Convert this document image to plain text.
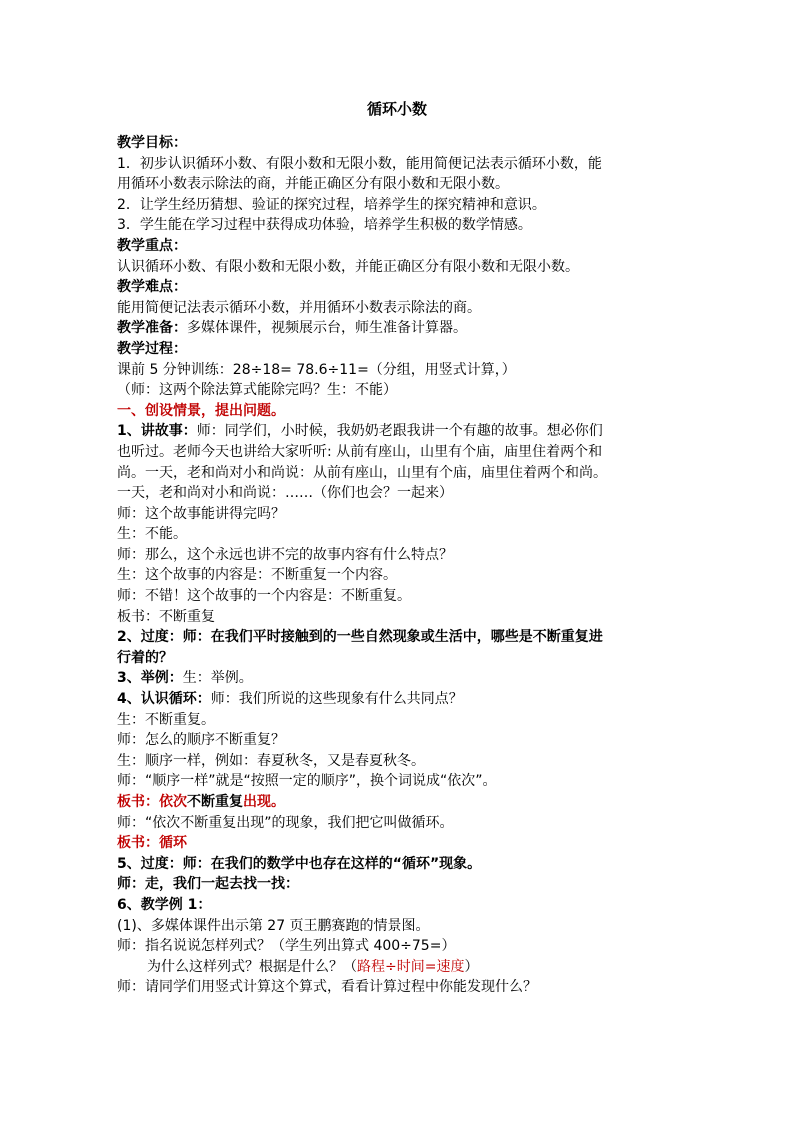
循环小数
教学目标：
1．初步认识循环小数、有限小数和无限小数，能用简便记法表示循环小数，能
用循环小数表示除法的商，并能正确区分有限小数和无限小数。
2．让学生经历猜想、验证的探究过程，培养学生的探究精神和意识。
3．学生能在学习过程中获得成功体验，培养学生积极的数学情感。
教学重点：
认识循环小数、有限小数和无限小数，并能正确区分有限小数和无限小数。
教学难点：
能用简便记法表示循环小数，并用循环小数表示除法的商。
教学准备：多媒体课件，视频展示台，师生准备计算器。
教学过程：
课前 5 分钟训练：28÷18= 78.6÷11=（分组，用竖式计算，）
（师：这两个除法算式能除完吗？生：不能）
一、创设情景，提出问题。
1、讲故事：师：同学们，小时候，我奶奶老跟我讲一个有趣的故事。想必你们
也听过。老师今天也讲给大家听听: 从前有座山，山里有个庙，庙里住着两个和
尚。一天，老和尚对小和尚说：从前有座山，山里有个庙，庙里住着两个和尚。
一天，老和尚对小和尚说：……（你们也会？一起来）
师：这个故事能讲得完吗？
生：不能。
师：那么，这个永远也讲不完的故事内容有什么特点？
生：这个故事的内容是：不断重复一个内容。
师：不错！这个故事的一个内容是：不断重复。
板书：不断重复
2、过度：师：在我们平时接触到的一些自然现象或生活中，哪些是不断重复进
行着的？
3、举例：生：举例。
4、认识循环：师：我们所说的这些现象有什么共同点？
生：不断重复。
师：怎么的顺序不断重复？
生：顺序一样，例如：春夏秋冬，又是春夏秋冬。
师：“顺序一样”就是“按照一定的顺序”，换个词说成“依次”。
板书：依次不断重复出现。
师：“依次不断重复出现”的现象，我们把它叫做循环。
板书：循环
5、过度：师：在我们的数学中也存在这样的“循环”现象。
师：走，我们一起去找一找：
6、教学例 1：
(1)、多媒体课件出示第 27 页王鹏赛跑的情景图。
师：指名说说怎样列式？（学生列出算式 400÷75=）
为什么这样列式？根据是什么？（路程÷时间=速度）
师：请同学们用竖式计算这个算式，看看计算过程中你能发现什么？
